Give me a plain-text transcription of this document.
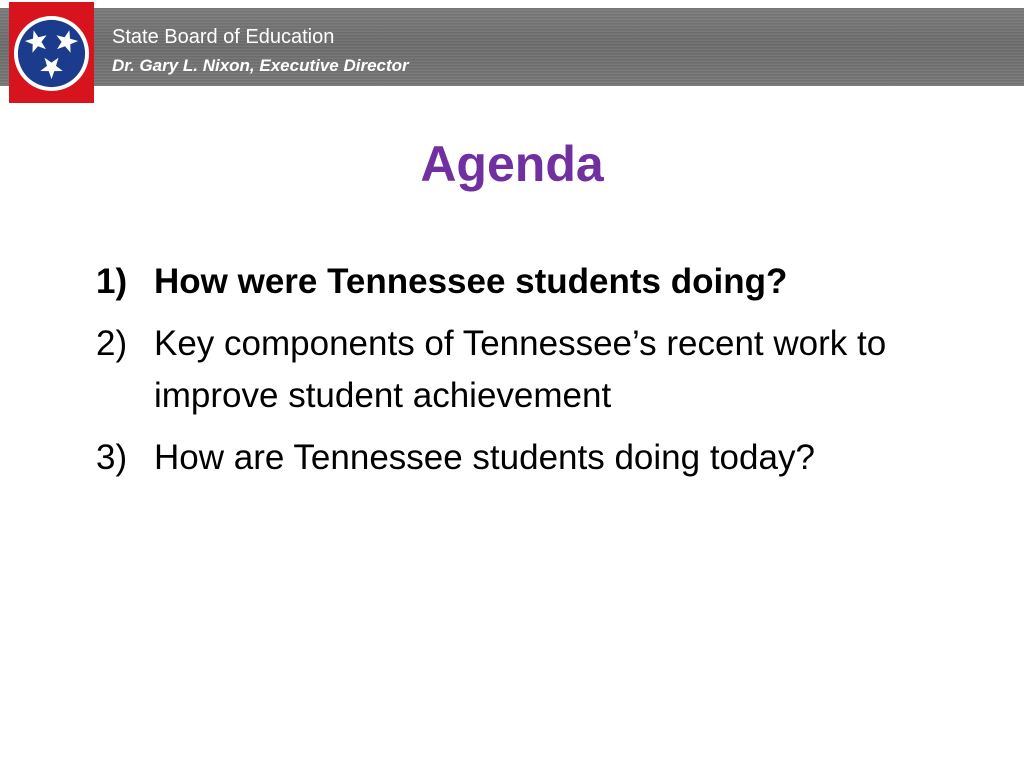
State Board of Education
Dr. Gary L. Nixon, Executive Director
Agenda
1) How were Tennessee students doing?
2) Key components of Tennessee’s recent work to improve student achievement
3) How are Tennessee students doing today?
